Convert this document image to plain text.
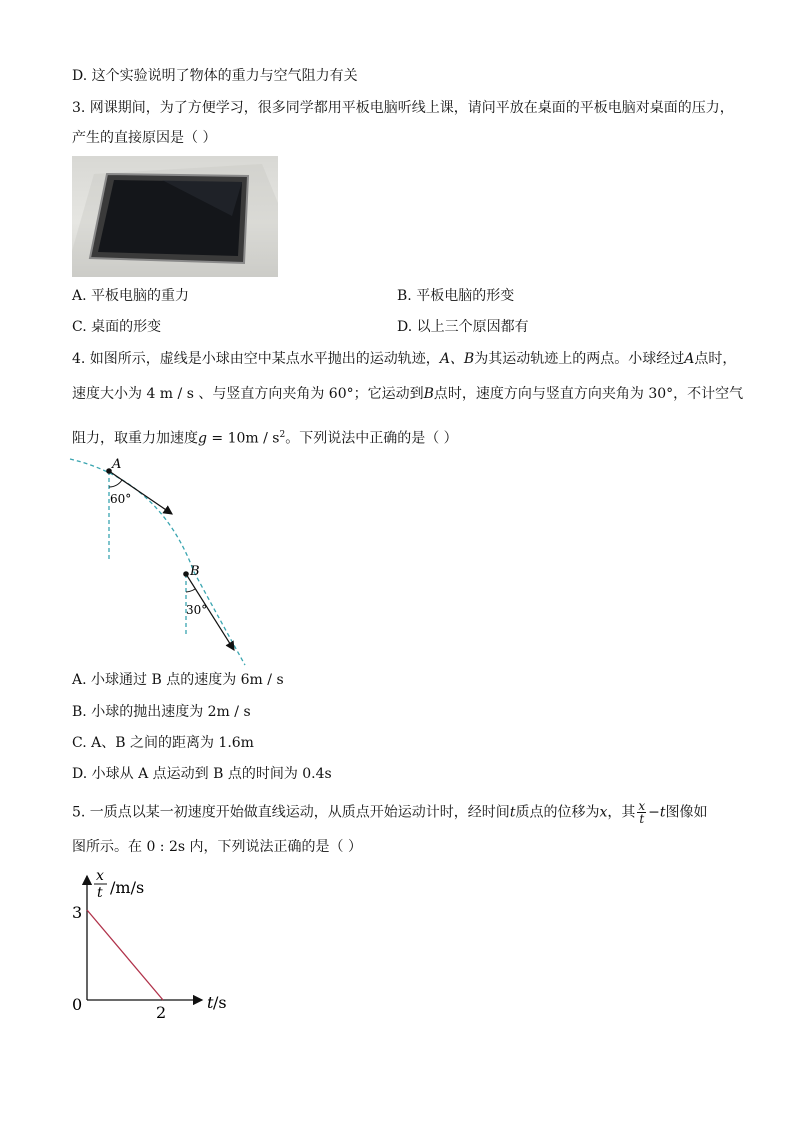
D. 这个实验说明了物体的重力与空气阻力有关
3. 网课期间，为了方便学习，很多同学都用平板电脑听线上课，请问平放在桌面的平板电脑对桌面的压力，
产生的直接原因是（ ）
A. 平板电脑的重力	B. 平板电脑的形变
C. 桌面的形变	D. 以上三个原因都有
4. 如图所示，虚线是小球由空中某点水平抛出的运动轨迹，A、B为其运动轨迹上的两点。小球经过A点时，
速度大小为 4 m / s 、与竖直方向夹角为 60°；它运动到B点时，速度方向与竖直方向夹角为 30°，不计空气
阻力，取重力加速度$g = 10m / s^2$。下列说法中正确的是（ ）
A
B
60°
30°
A. 小球通过 B 点的速度为 6m / s
B. 小球的抛出速度为 2m / s
C. A、B 之间的距离为 1.6m
D. 小球从 A 点运动到 B 点的时间为 0.4s
5. 一质点以某一初速度开始做直线运动，从质点开始运动计时，经时间t质点的位移为x，其 $\frac{x}{t} -t$图像如
图所示。在 0 : 2s 内，下列说法正确的是（ ）
x
t /m/s
3
0	2
t /s
